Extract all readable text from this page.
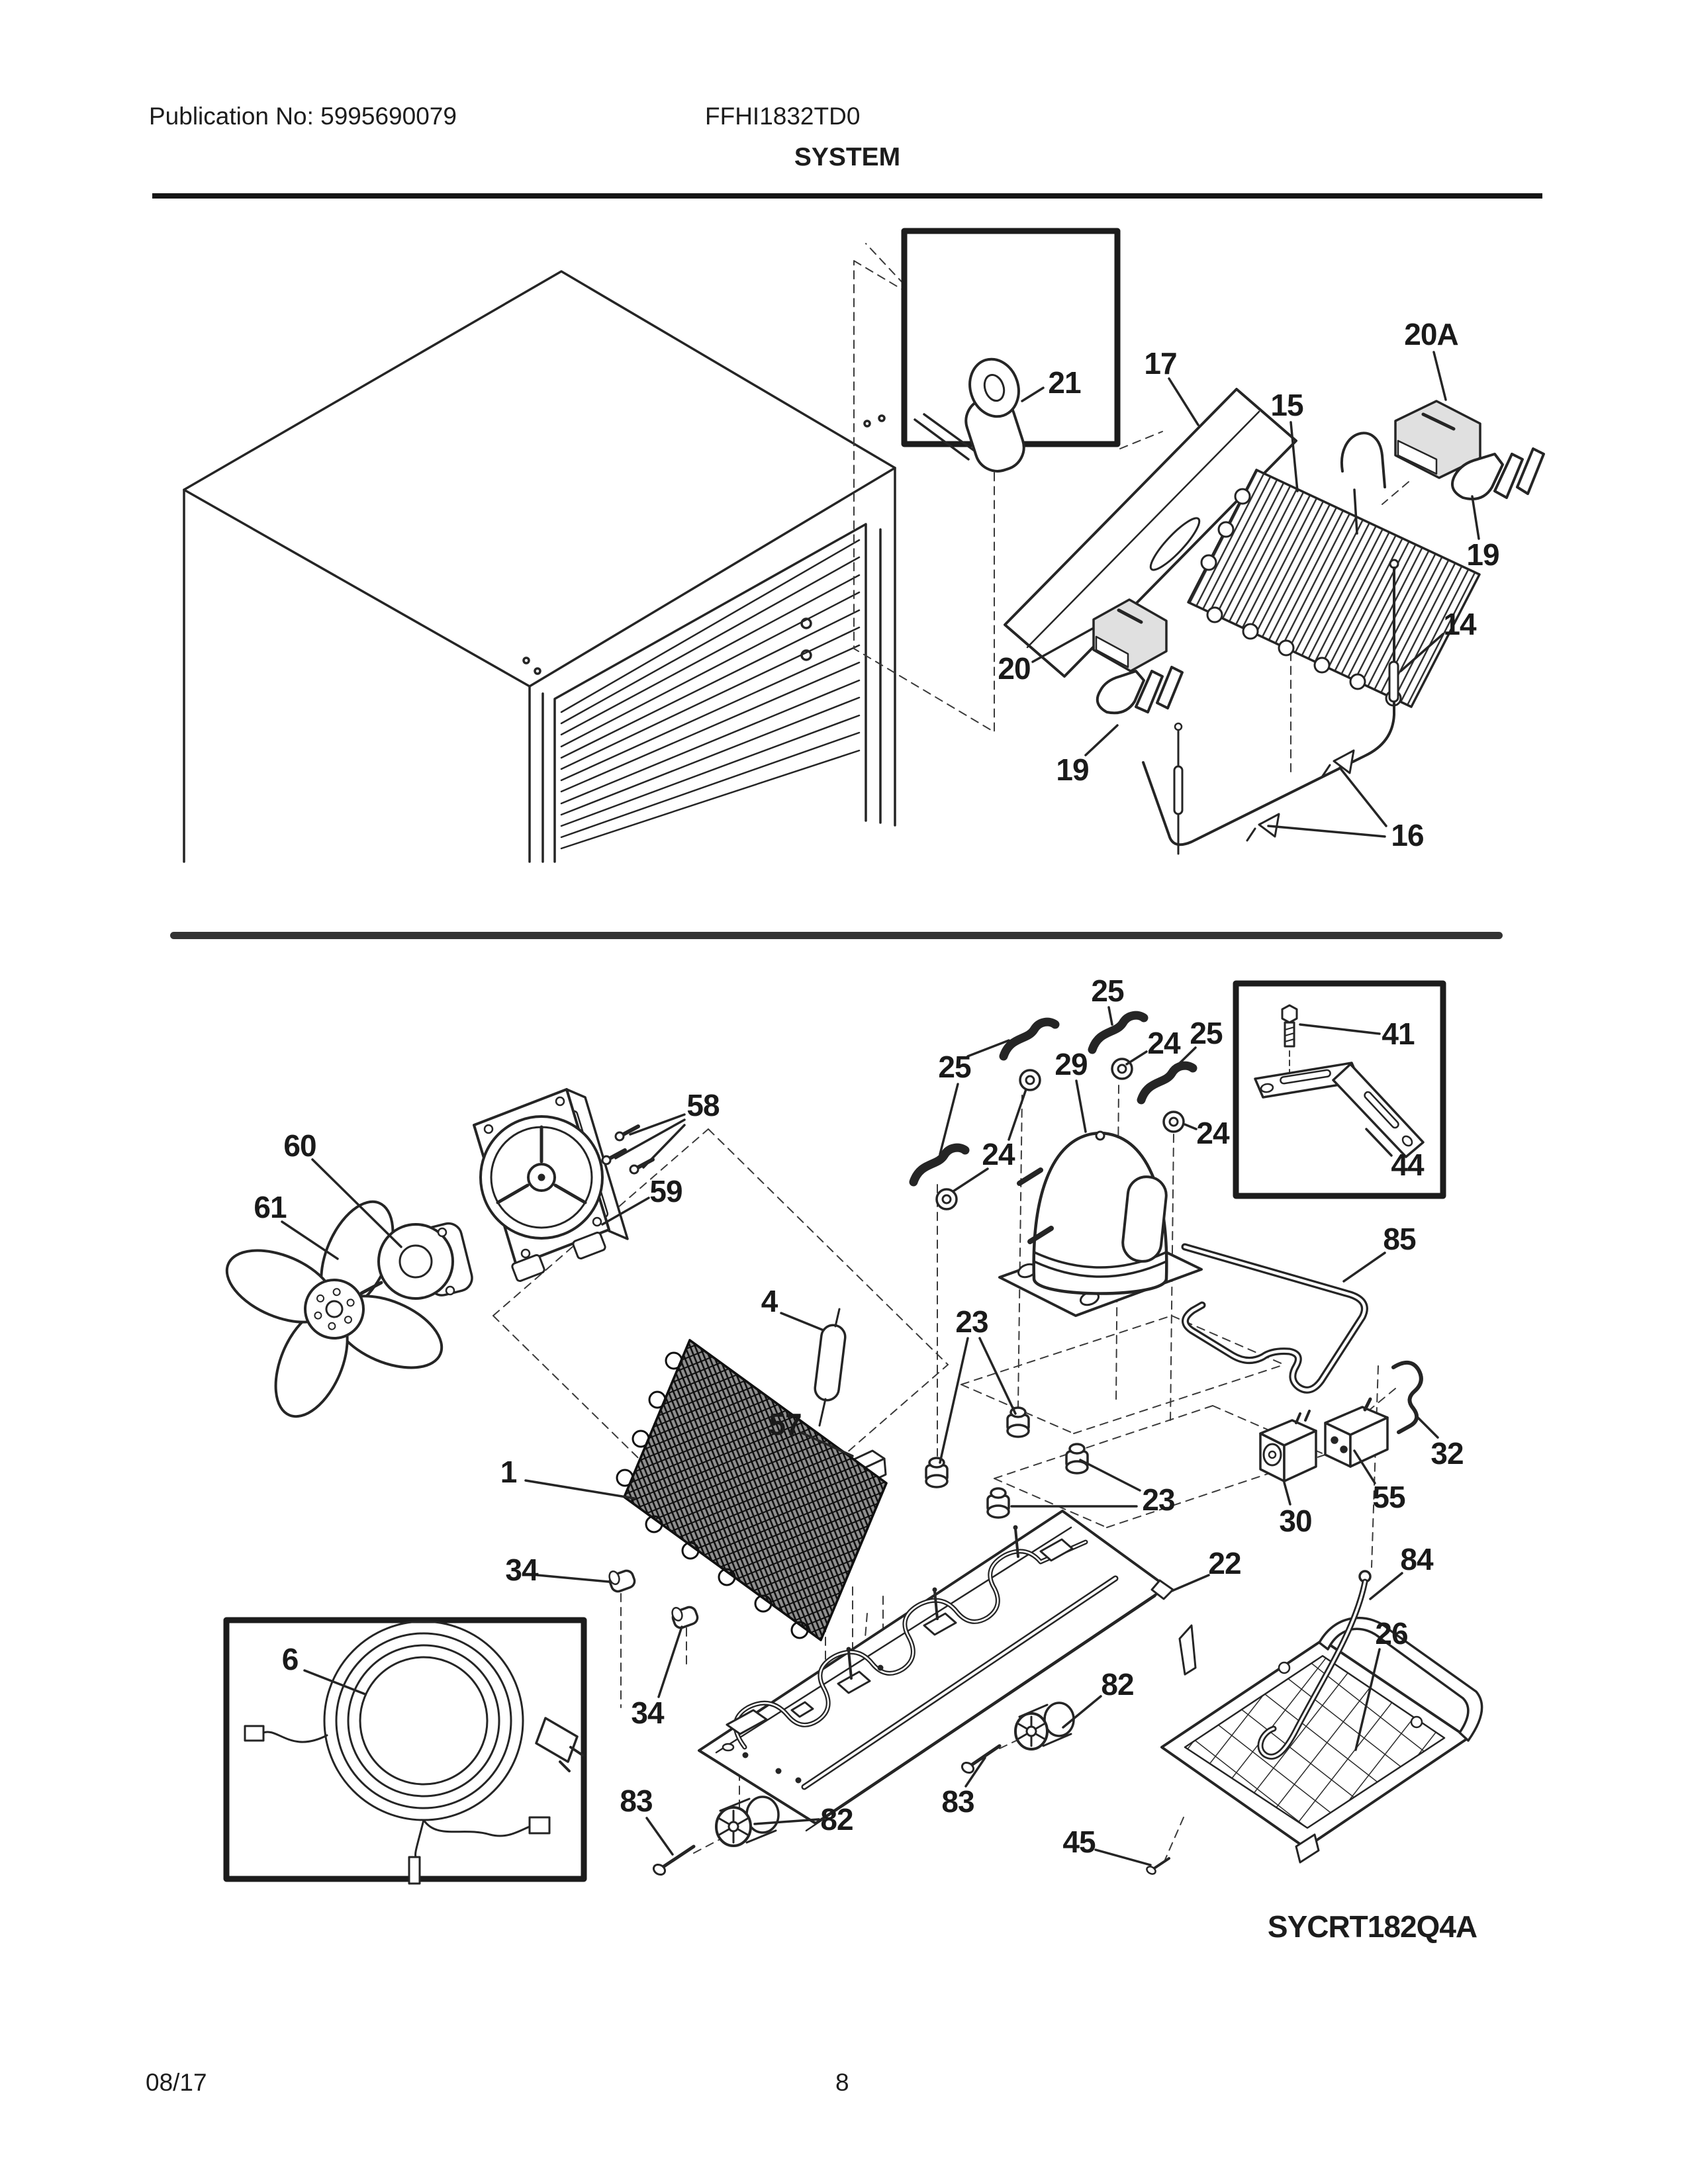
Publication No: 5995690079	FFHI1832TD0
SYSTEM
21
17
20A
15
19
20
14
19
16
58
60
59
61
4
25
25
25
24
24
24
29
41
44
85
23
23
32
55
30
1
57
34	22	84
34
26
82
83	83
82
45
6
SYCRT182Q4A
08/17	8
